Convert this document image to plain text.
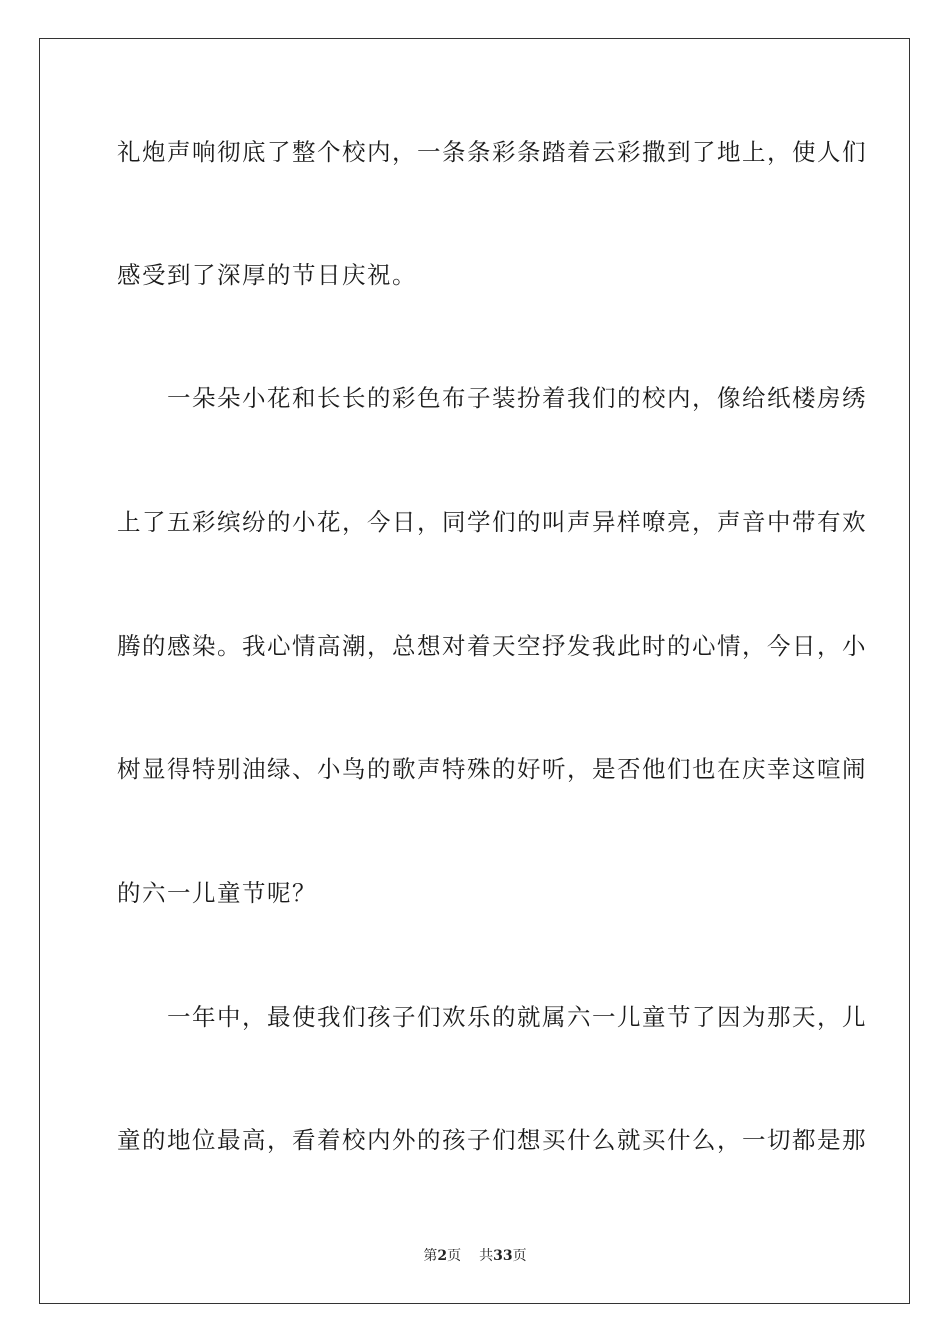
礼炮声响彻底了整个校内，一条条彩条踏着云彩撒到了地上，使人们
感受到了深厚的节日庆祝。
　　一朵朵小花和长长的彩色布子装扮着我们的校内，像给纸楼房绣
上了五彩缤纷的小花，今日，同学们的叫声异样嘹亮，声音中带有欢
腾的感染。我心情高潮，总想对着天空抒发我此时的心情，今日，小
树显得特别油绿、小鸟的歌声特殊的好听，是否他们也在庆幸这喧闹
的六一儿童节呢？
　　一年中，最使我们孩子们欢乐的就属六一儿童节了因为那天，儿
童的地位最高，看着校内外的孩子们想买什么就买什么，一切都是那
第2页 共33页
